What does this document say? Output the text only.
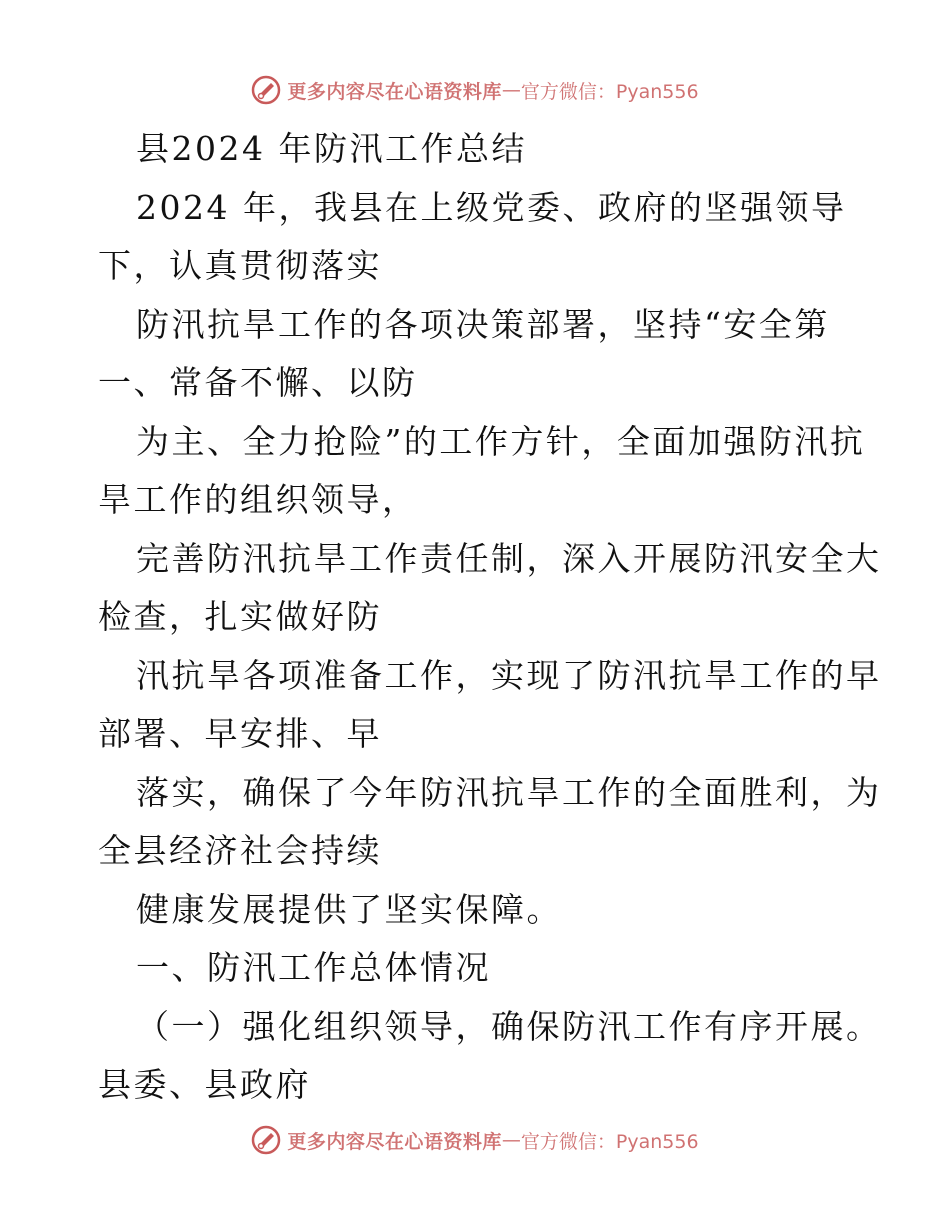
更多内容尽在心语资料库 — 官方微信：Pyan556
县2024 年防汛工作总结
2024 年，我县在上级党委、政府的坚强领导
下，认真贯彻落实
防汛抗旱工作的各项决策部署，坚持“安全第
一、常备不懈、以防
为主、全力抢险”的工作方针，全面加强防汛抗
旱工作的组织领导，
完善防汛抗旱工作责任制，深入开展防汛安全大
检查，扎实做好防
汛抗旱各项准备工作，实现了防汛抗旱工作的早
部署、早安排、早
落实，确保了今年防汛抗旱工作的全面胜利，为
全县经济社会持续
健康发展提供了坚实保障。
一、防汛工作总体情况
（一）强化组织领导，确保防汛工作有序开展。
县委、县政府
更多内容尽在心语资料库 — 官方微信：Pyan556
